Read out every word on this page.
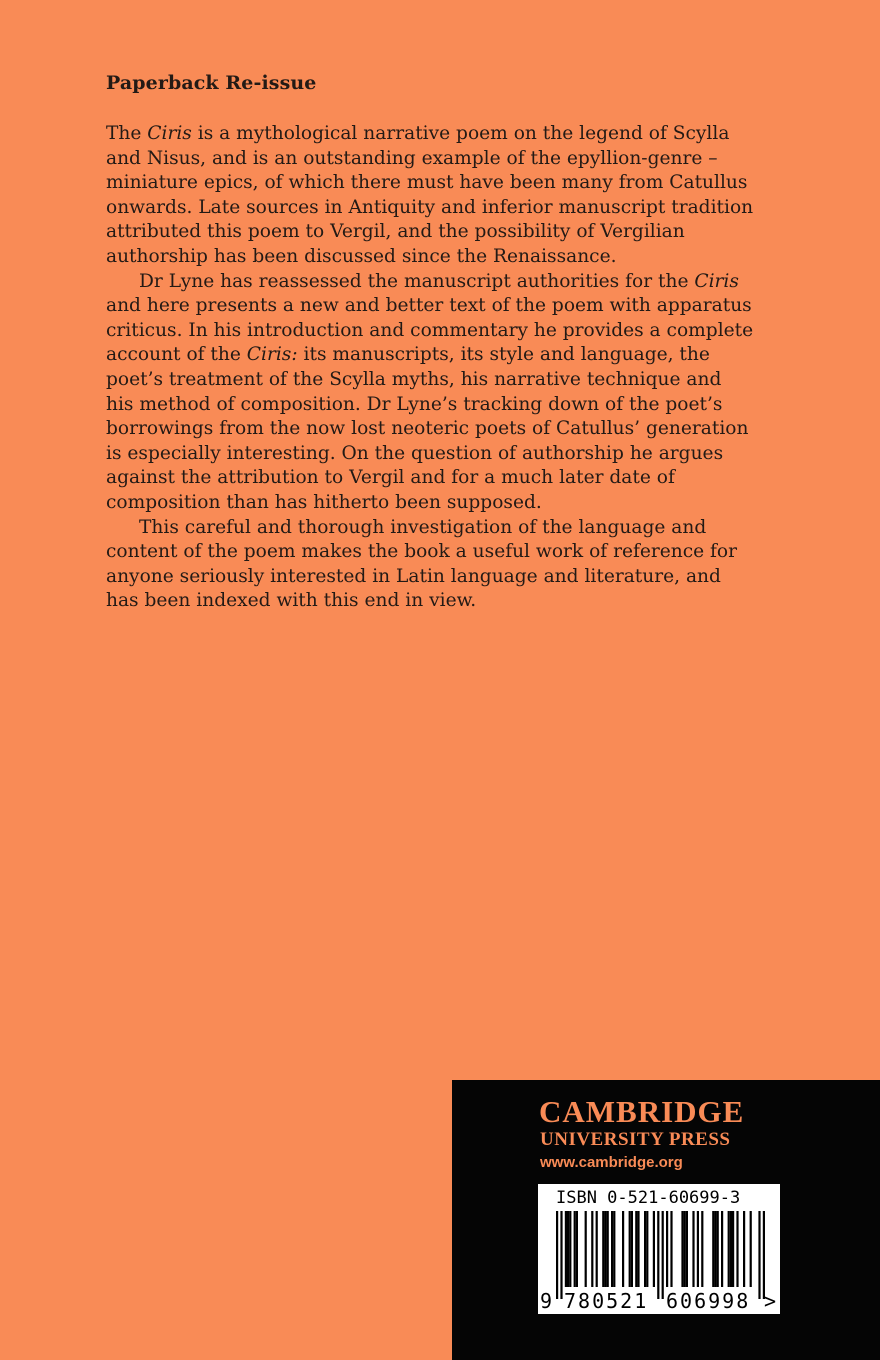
Paperback Re-issue

The Ciris is a mythological narrative poem on the legend of Scylla and Nisus, and is an outstanding example of the epyllion-genre – miniature epics, of which there must have been many from Catullus onwards. Late sources in Antiquity and inferior manuscript tradition attributed this poem to Vergil, and the possibility of Vergilian authorship has been discussed since the Renaissance.

Dr Lyne has reassessed the manuscript authorities for the Ciris and here presents a new and better text of the poem with apparatus criticus. In his introduction and commentary he provides a complete account of the Ciris: its manuscripts, its style and language, the poet’s treatment of the Scylla myths, his narrative technique and his method of composition. Dr Lyne’s tracking down of the poet’s borrowings from the now lost neoteric poets of Catullus’ generation is especially interesting. On the question of authorship he argues against the attribution to Vergil and for a much later date of composition than has hitherto been supposed.

This careful and thorough investigation of the language and content of the poem makes the book a useful work of reference for anyone seriously interested in Latin language and literature, and has been indexed with this end in view.

CAMBRIDGE
UNIVERSITY PRESS
www.cambridge.org
ISBN 0-521-60699-3
9 780521 606998 >
